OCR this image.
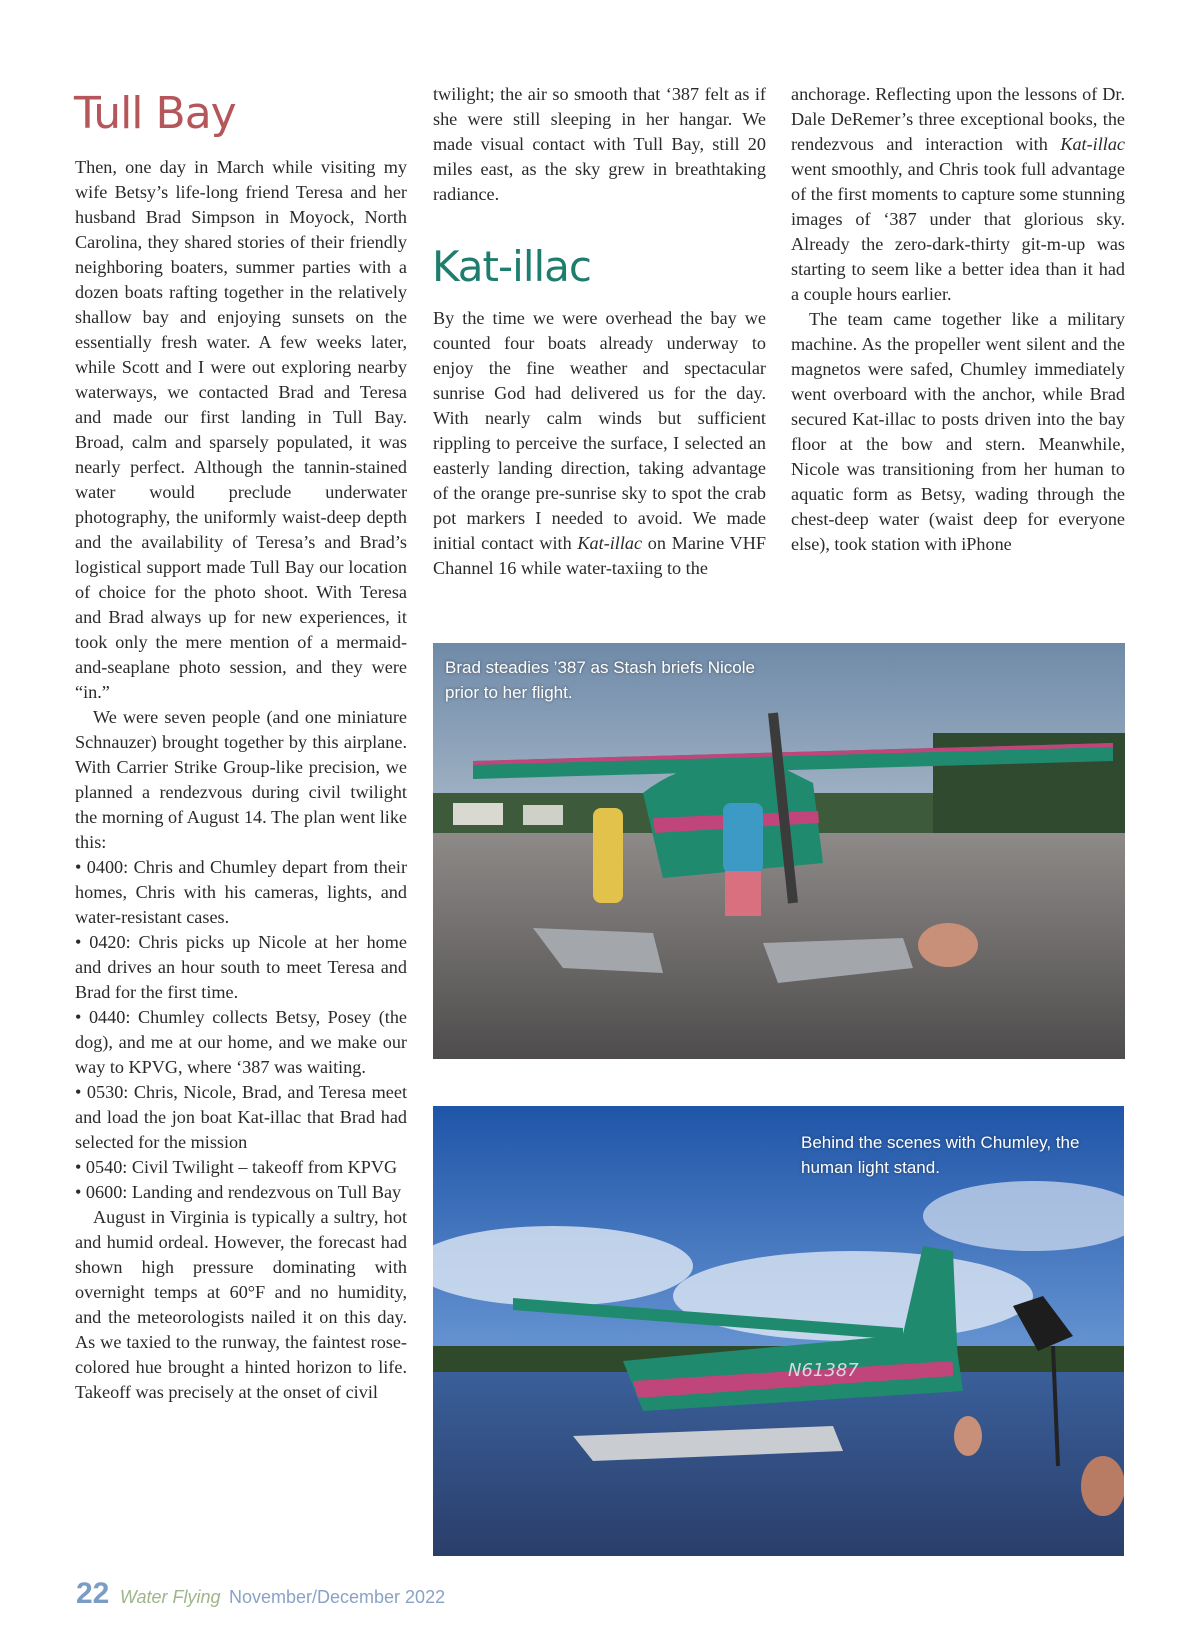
Tull Bay

Then, one day in March while visiting my wife Betsy’s life-long friend Teresa and her husband Brad Simpson in Moyock, North Carolina, they shared stories of their friendly neighboring boaters, summer parties with a dozen boats rafting together in the relatively shallow bay and enjoying sunsets on the essentially fresh water. A few weeks later, while Scott and I were out exploring nearby waterways, we contacted Brad and Teresa and made our first landing in Tull Bay. Broad, calm and sparsely populated, it was nearly perfect. Although the tannin-stained water would preclude underwater photography, the uniformly waist-deep depth and the availability of Teresa’s and Brad’s logistical support made Tull Bay our location of choice for the photo shoot. With Teresa and Brad always up for new experiences, it took only the mere mention of a mermaid-and-seaplane photo session, and they were “in.”

We were seven people (and one miniature Schnauzer) brought together by this airplane. With Carrier Strike Group-like precision, we planned a rendezvous during civil twilight the morning of August 14. The plan went like this:

• 0400: Chris and Chumley depart from their homes, Chris with his cameras, lights, and water-resistant cases.

• 0420: Chris picks up Nicole at her home and drives an hour south to meet Teresa and Brad for the first time.

• 0440: Chumley collects Betsy, Posey (the dog), and me at our home, and we make our way to KPVG, where ‘387 was waiting.

• 0530: Chris, Nicole, Brad, and Teresa meet and load the jon boat Kat-illac that Brad had selected for the mission

• 0540: Civil Twilight – takeoff from KPVG

• 0600: Landing and rendezvous on Tull Bay

August in Virginia is typically a sultry, hot and humid ordeal. However, the forecast had shown high pressure dominating with overnight temps at 60°F and no humidity, and the meteorologists nailed it on this day. As we taxied to the runway, the faintest rose-colored hue brought a hinted horizon to life. Takeoff was precisely at the onset of civil

twilight; the air so smooth that ‘387 felt as if she were still sleeping in her hangar. We made visual contact with Tull Bay, still 20 miles east, as the sky grew in breathtaking radiance.

Kat-illac

By the time we were overhead the bay we counted four boats already underway to enjoy the fine weather and spectacular sunrise God had delivered us for the day. With nearly calm winds but sufficient rippling to perceive the surface, I selected an easterly landing direction, taking advantage of the orange pre-sunrise sky to spot the crab pot markers I needed to avoid. We made initial contact with Kat-illac on Marine VHF Channel 16 while water-taxiing to the

anchorage. Reflecting upon the lessons of Dr. Dale DeRemer’s three exceptional books, the rendezvous and interaction with Kat-illac went smoothly, and Chris took full advantage of the first moments to capture some stunning images of ‘387 under that glorious sky. Already the zero-dark-thirty git-m-up was starting to seem like a better idea than it had a couple hours earlier.

The team came together like a military machine. As the propeller went silent and the magnetos were safed, Chumley immediately went overboard with the anchor, while Brad secured Kat-illac to posts driven into the bay floor at the bow and stern. Meanwhile, Nicole was transitioning from her human to aquatic form as Betsy, wading through the chest-deep water (waist deep for everyone else), took station with iPhone

Brad steadies ’387 as Stash briefs Nicole prior to her flight.
N61387
Behind the scenes with Chumley, the human light stand.
22 Water Flying November/December 2022
